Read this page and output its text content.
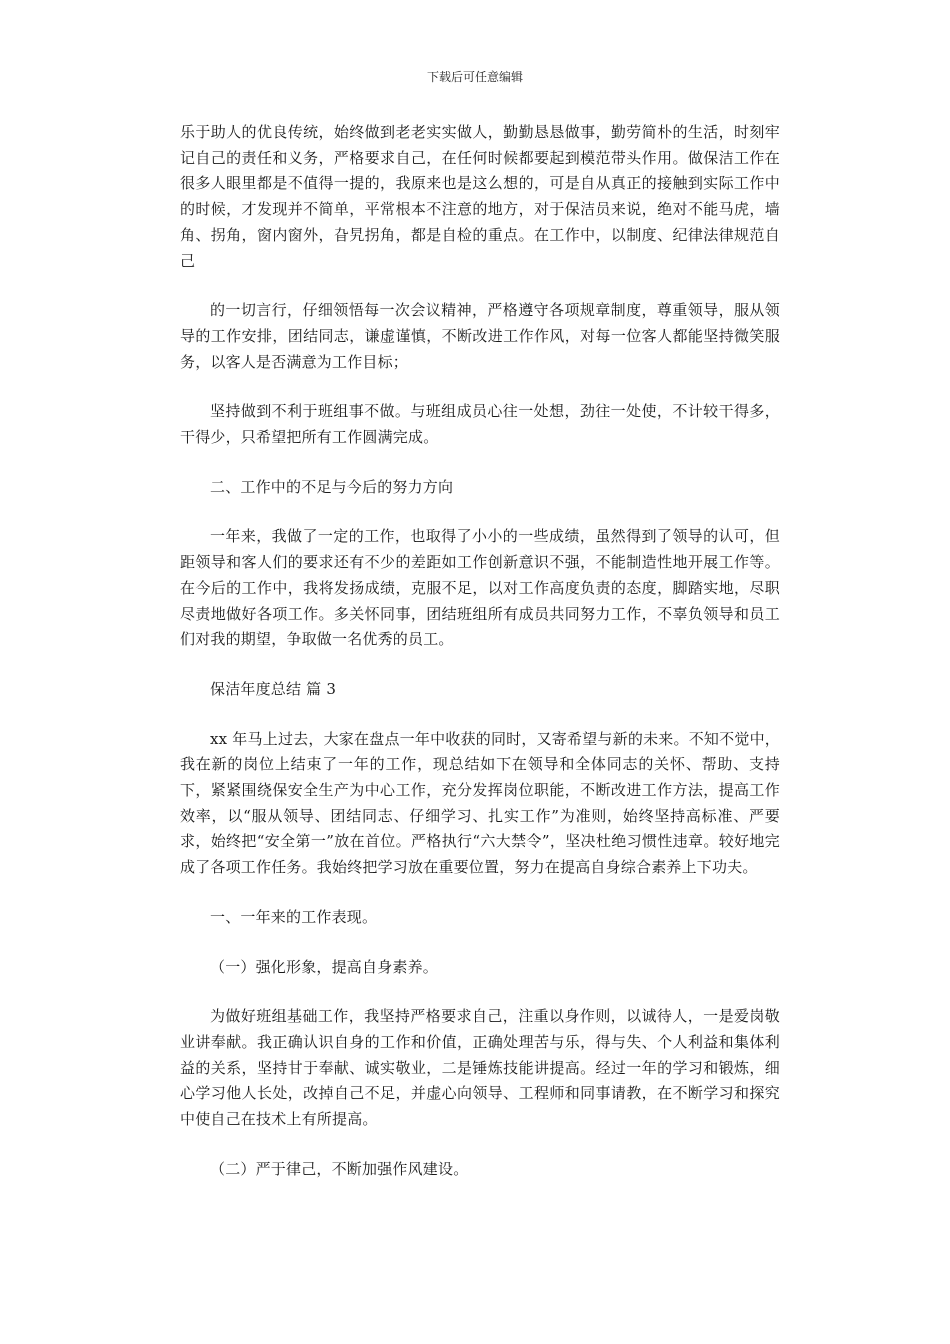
下载后可任意编辑

乐于助人的优良传统，始终做到老老实实做人，勤勤恳恳做事，勤劳简朴的生活，时刻牢记自己的责任和义务，严格要求自己，在任何时候都要起到模范带头作用。做保洁工作在很多人眼里都是不值得一提的，我原来也是这么想的，可是自从真正的接触到实际工作中的时候，才发现并不简单，平常根本不注意的地方，对于保洁员来说，绝对不能马虎，墙角、拐角，窗内窗外，旮旯拐角，都是自检的重点。在工作中，以制度、纪律法律规范自己

的一切言行，仔细领悟每一次会议精神，严格遵守各项规章制度，尊重领导，服从领导的工作安排，团结同志，谦虚谨慎，不断改进工作作风，对每一位客人都能坚持微笑服务，以客人是否满意为工作目标；

坚持做到不利于班组事不做。与班组成员心往一处想，劲往一处使，不计较干得多，干得少，只希望把所有工作圆满完成。

二、工作中的不足与今后的努力方向

一年来，我做了一定的工作，也取得了小小的一些成绩，虽然得到了领导的认可，但距领导和客人们的要求还有不少的差距如工作创新意识不强，不能制造性地开展工作等。在今后的工作中，我将发扬成绩，克服不足，以对工作高度负责的态度，脚踏实地，尽职尽责地做好各项工作。多关怀同事，团结班组所有成员共同努力工作，不辜负领导和员工们对我的期望，争取做一名优秀的员工。

保洁年度总结 篇 3

xx 年马上过去，大家在盘点一年中收获的同时，又寄希望与新的未来。不知不觉中，我在新的岗位上结束了一年的工作，现总结如下在领导和全体同志的关怀、帮助、支持下，紧紧围绕保安全生产为中心工作，充分发挥岗位职能，不断改进工作方法，提高工作效率，以“服从领导、团结同志、仔细学习、扎实工作”为准则，始终坚持高标准、严要求，始终把“安全第一”放在首位。严格执行“六大禁令”，坚决杜绝习惯性违章。较好地完成了各项工作任务。我始终把学习放在重要位置，努力在提高自身综合素养上下功夫。

一、一年来的工作表现。

（一）强化形象，提高自身素养。

为做好班组基础工作，我坚持严格要求自己，注重以身作则，以诚待人，一是爱岗敬业讲奉献。我正确认识自身的工作和价值，正确处理苦与乐，得与失、个人利益和集体利益的关系，坚持甘于奉献、诚实敬业，二是锤炼技能讲提高。经过一年的学习和锻炼，细心学习他人长处，改掉自己不足，并虚心向领导、工程师和同事请教，在不断学习和探究中使自己在技术上有所提高。

（二）严于律己，不断加强作风建设。
